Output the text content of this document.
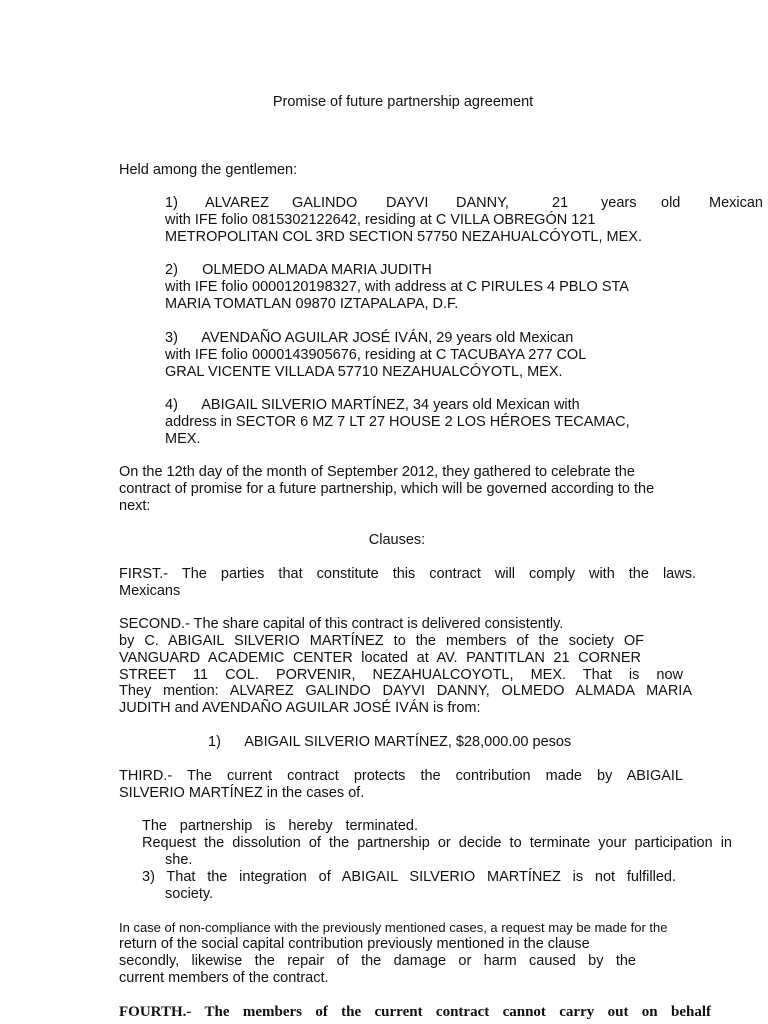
Promise of future partnership agreement
Held among the gentlemen:
1) ALVAREZ GALINDO DAYVI DANNY,	21 years old Mexican
with IFE folio 0815302122642, residing at C VILLA OBREGÓN 121
METROPOLITAN COL 3RD SECTION 57750 NEZAHUALCÓYOTL, MEX.
2)      OLMEDO ALMADA MARIA JUDITH
with IFE folio 0000120198327, with address at C PIRULES 4 PBLO STA
MARIA TOMATLAN 09870 IZTAPALAPA, D.F.
3)      AVENDAÑO AGUILAR JOSÉ IVÁN, 29 years old Mexican
with IFE folio 0000143905676, residing at C TACUBAYA 277 COL
GRAL VICENTE VILLADA 57710 NEZAHUALCÓYOTL, MEX.
4)      ABIGAIL SILVERIO MARTÍNEZ, 34 years old Mexican with
address in SECTOR 6 MZ 7 LT 27 HOUSE 2 LOS HÉROES TECAMAC,
MEX.
On the 12th day of the month of September 2012, they gathered to celebrate the
contract of promise for a future partnership, which will be governed according to the
next:
Clauses:
FIRST.- The parties that constitute this contract will comply with the laws.
Mexicans
SECOND.- The share capital of this contract is delivered consistently.
by C. ABIGAIL SILVERIO MARTÍNEZ to the members of the society OF
VANGUARD ACADEMIC CENTER located at AV. PANTITLAN 21 CORNER
STREET 11 COL. PORVENIR, NEZAHUALCOYOTL, MEX. That is now
They mention: ALVAREZ GALINDO DAYVI DANNY, OLMEDO ALMADA MARIA
JUDITH and AVENDAÑO AGUILAR JOSÉ IVÁN is from:
1)      ABIGAIL SILVERIO MARTÍNEZ, $28,000.00 pesos
THIRD.- The current contract protects the contribution made by ABIGAIL
SILVERIO MARTÍNEZ in the cases of.
The partnership is hereby terminated.
Request the dissolution of the partnership or decide to terminate your participation in
she.
3) That the integration of ABIGAIL SILVERIO MARTÍNEZ is not fulfilled.
society.
In case of non-compliance with the previously mentioned cases, a request may be made for the
return of the social capital contribution previously mentioned in the clause
secondly, likewise the repair of the damage or harm caused by the
current members of the contract.
FOURTH.- The members of the current contract cannot carry out on behalf
